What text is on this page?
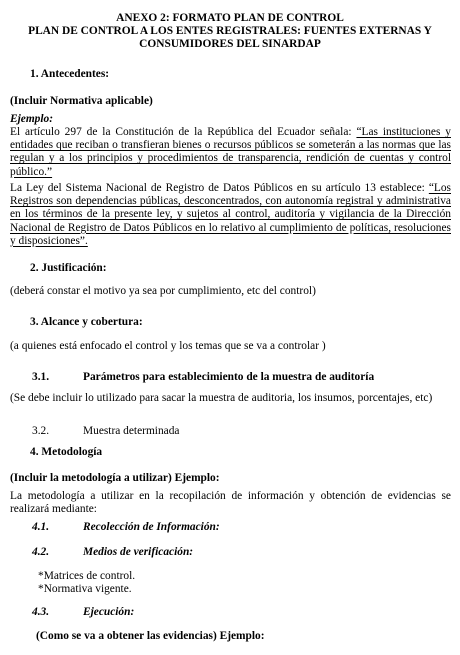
ANEXO 2: FORMATO PLAN DE CONTROL
PLAN DE CONTROL A LOS ENTES REGISTRALES: FUENTES EXTERNAS Y
CONSUMIDORES DEL SINARDAP
1. Antecedentes:
(Incluir Normativa aplicable)
Ejemplo:
El artículo 297 de la Constitución de la República del Ecuador señala: “Las instituciones y entidades que reciban o transfieran bienes o recursos públicos se someterán a las normas que las regulan y a los principios y procedimientos de transparencia, rendición de cuentas y control público.”
La Ley del Sistema Nacional de Registro de Datos Públicos en su artículo 13 establece: “Los Registros son dependencias públicas, desconcentrados, con autonomía registral y administrativa en los términos de la presente ley, y sujetos al control, auditoría y vigilancia de la Dirección Nacional de Registro de Datos Públicos en lo relativo al cumplimiento de políticas, resoluciones y disposiciones”.
2. Justificación:
(deberá constar el motivo ya sea por cumplimiento, etc del control)
3. Alcance y cobertura:
(a quienes está enfocado el control y los temas que se va a controlar )
3.1.	Parámetros para establecimiento de la muestra de auditoría
(Se debe incluir lo utilizado para sacar la muestra de auditoria, los insumos, porcentajes, etc)
3.2.	Muestra determinada
4. Metodología
(Incluir la metodología a utilizar) Ejemplo:
La metodología a utilizar en la recopilación de información y obtención de evidencias se realizará mediante:
4.1.	Recolección de Información:
4.2.	Medios de verificación:
*Matrices de control.
*Normativa vigente.
4.3.	Ejecución:
(Como se va a obtener las evidencias) Ejemplo:
